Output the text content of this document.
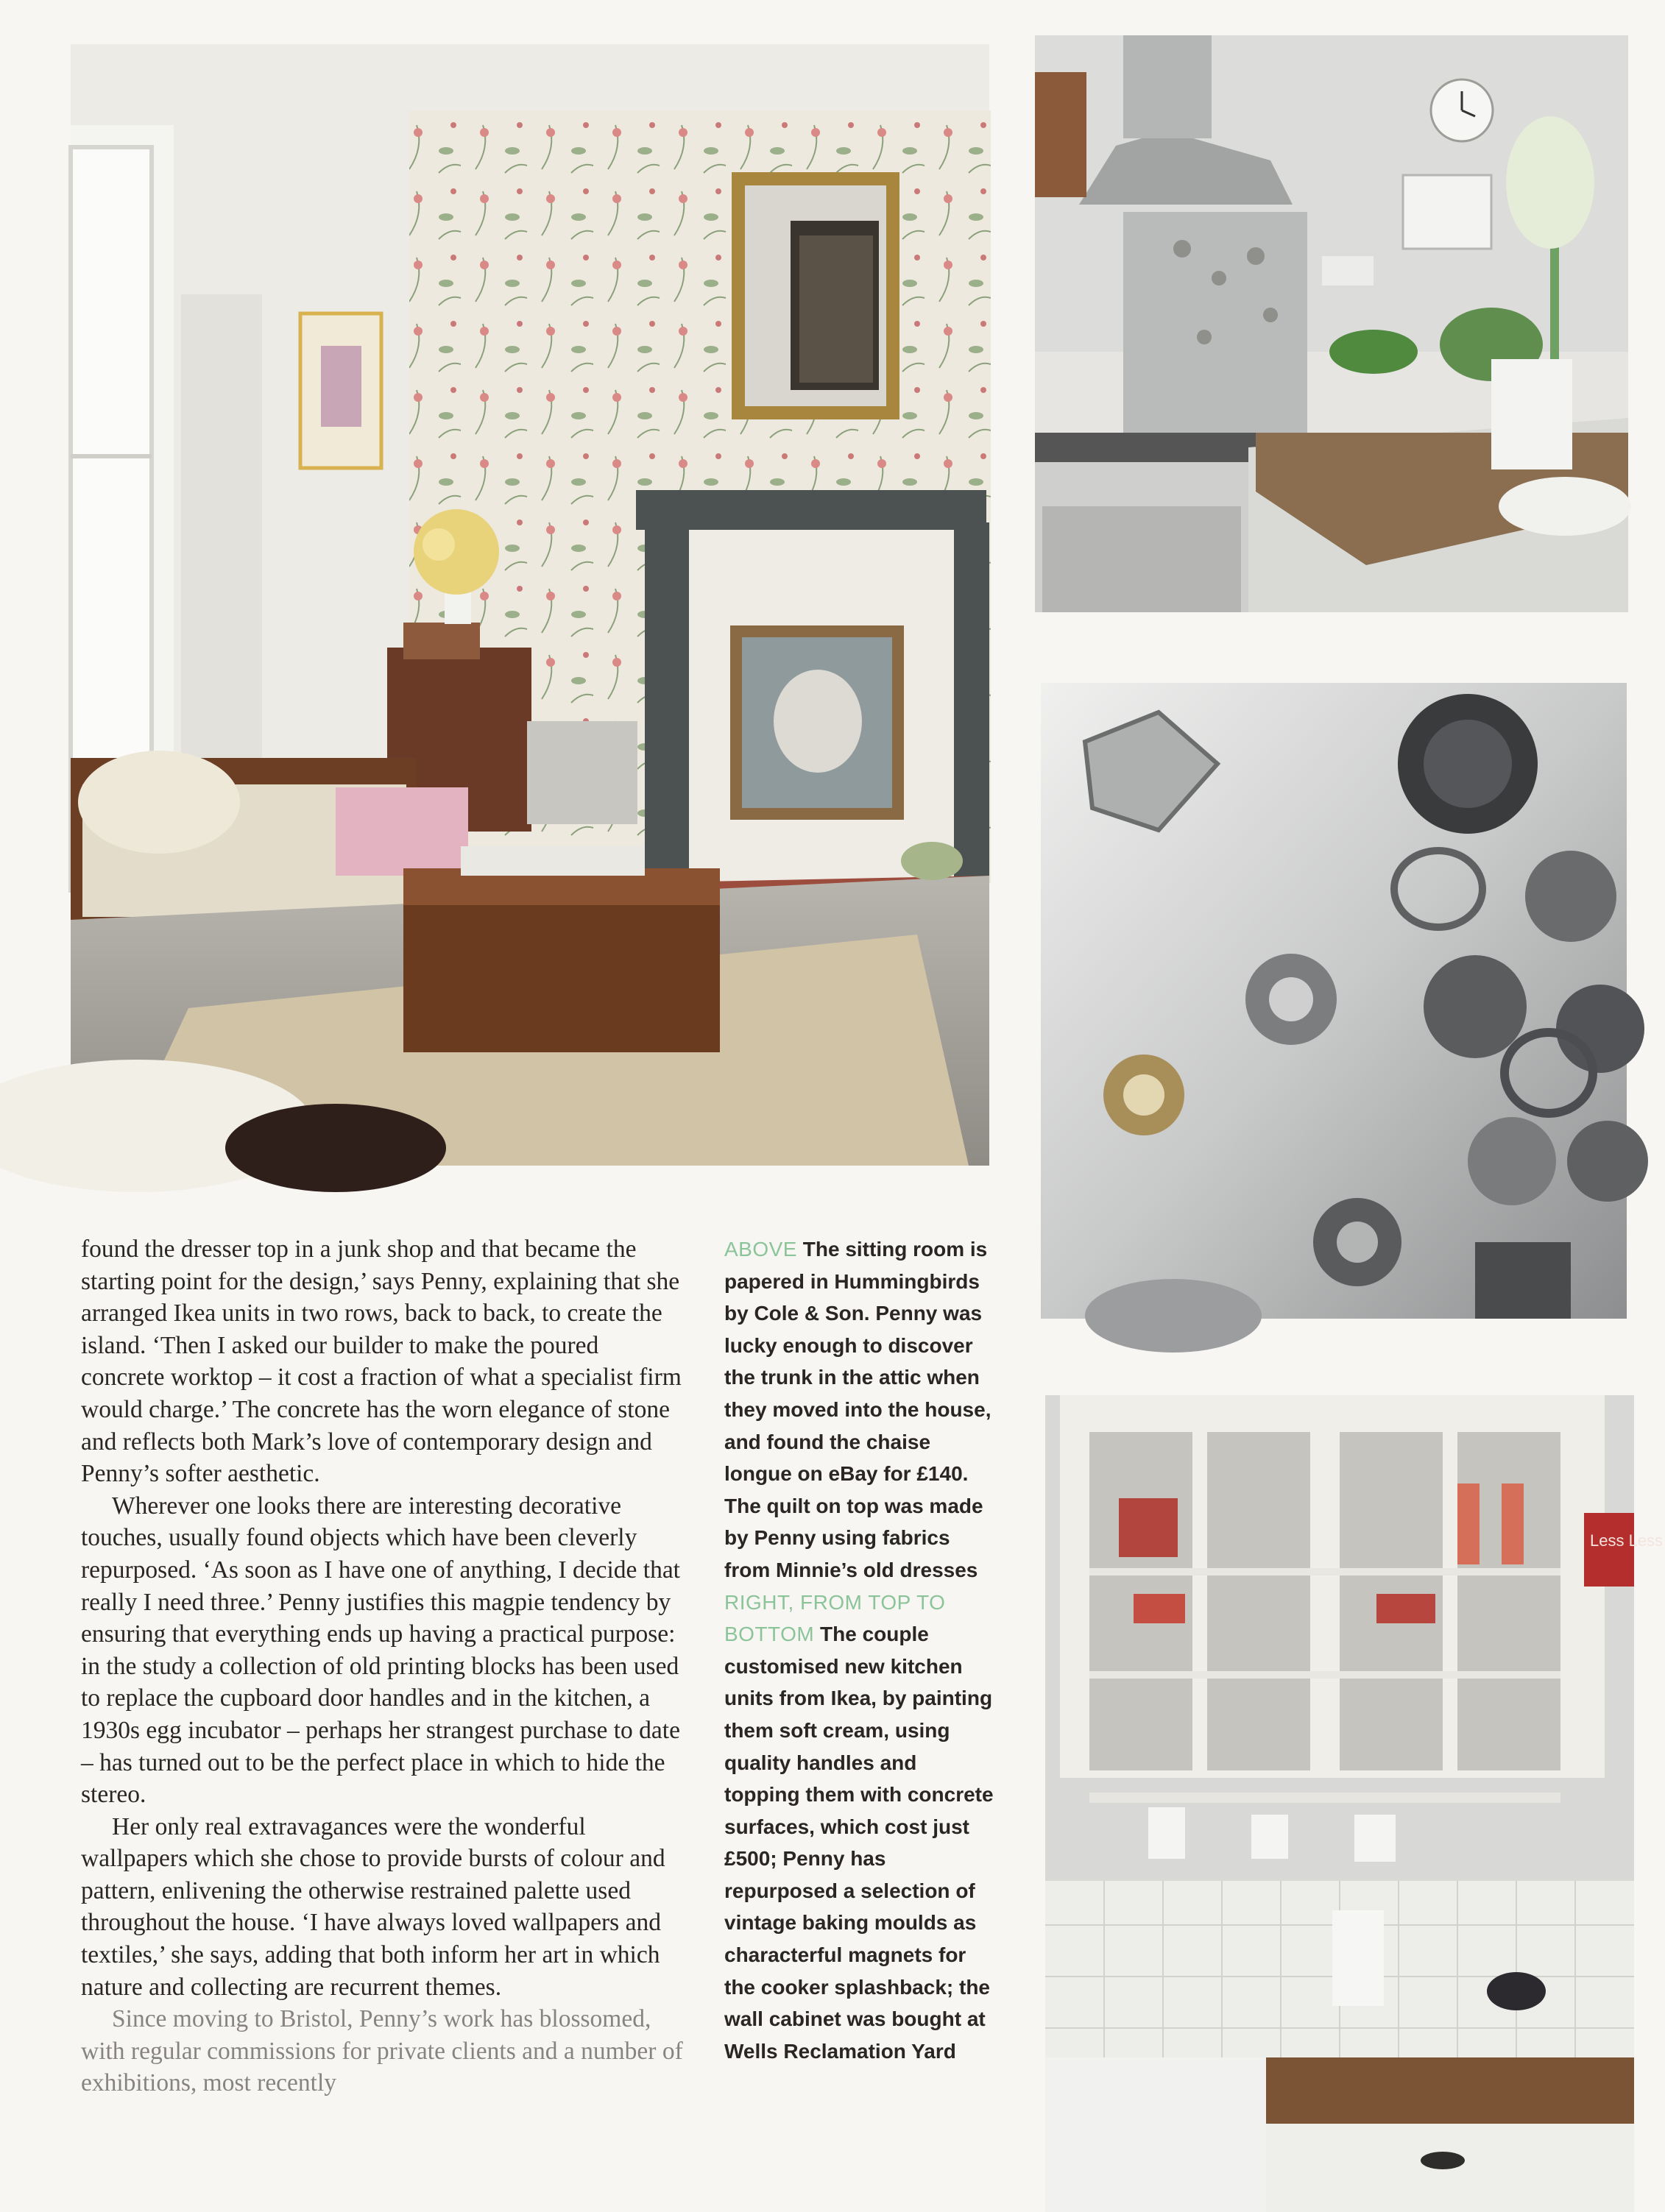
Less Less

found the dresser top in a junk shop and that became the starting point for the design,’ says Penny, explaining that she arranged Ikea units in two rows, back to back, to create the island. ‘Then I asked our builder to make the poured concrete worktop – it cost a fraction of what a specialist firm would charge.’ The concrete has the worn elegance of stone and reflects both Mark’s love of contemporary design and Penny’s softer aesthetic.

Wherever one looks there are interesting decorative touches, usually found objects which have been cleverly repurposed. ‘As soon as I have one of anything, I decide that really I need three.’ Penny justifies this magpie tendency by ensuring that everything ends up having a practical purpose: in the study a collection of old printing blocks has been used to replace the cupboard door handles and in the kitchen, a 1930s egg incubator – perhaps her strangest purchase to date – has turned out to be the perfect place in which to hide the stereo.

Her only real extravagances were the wonderful wallpapers which she chose to provide bursts of colour and pattern, enlivening the otherwise restrained palette used throughout the house. ‘I have always loved wallpapers and textiles,’ she says, adding that both inform her art in which nature and collecting are recurrent themes.

Since moving to Bristol, Penny’s work has blossomed, with regular commissions for private clients and a number of exhibitions, most recently

ABOVE The sitting room is papered in Hummingbirds by Cole & Son. Penny was lucky enough to discover the trunk in the attic when they moved into the house, and found the chaise longue on eBay for £140. The quilt on top was made by Penny using fabrics from Minnie’s old dresses RIGHT, FROM TOP TO BOTTOM The couple customised new kitchen units from Ikea, by painting them soft cream, using quality handles and topping them with concrete surfaces, which cost just £500; Penny has repurposed a selection of vintage baking moulds as characterful magnets for the cooker splashback; the wall cabinet was bought at Wells Reclamation Yard
